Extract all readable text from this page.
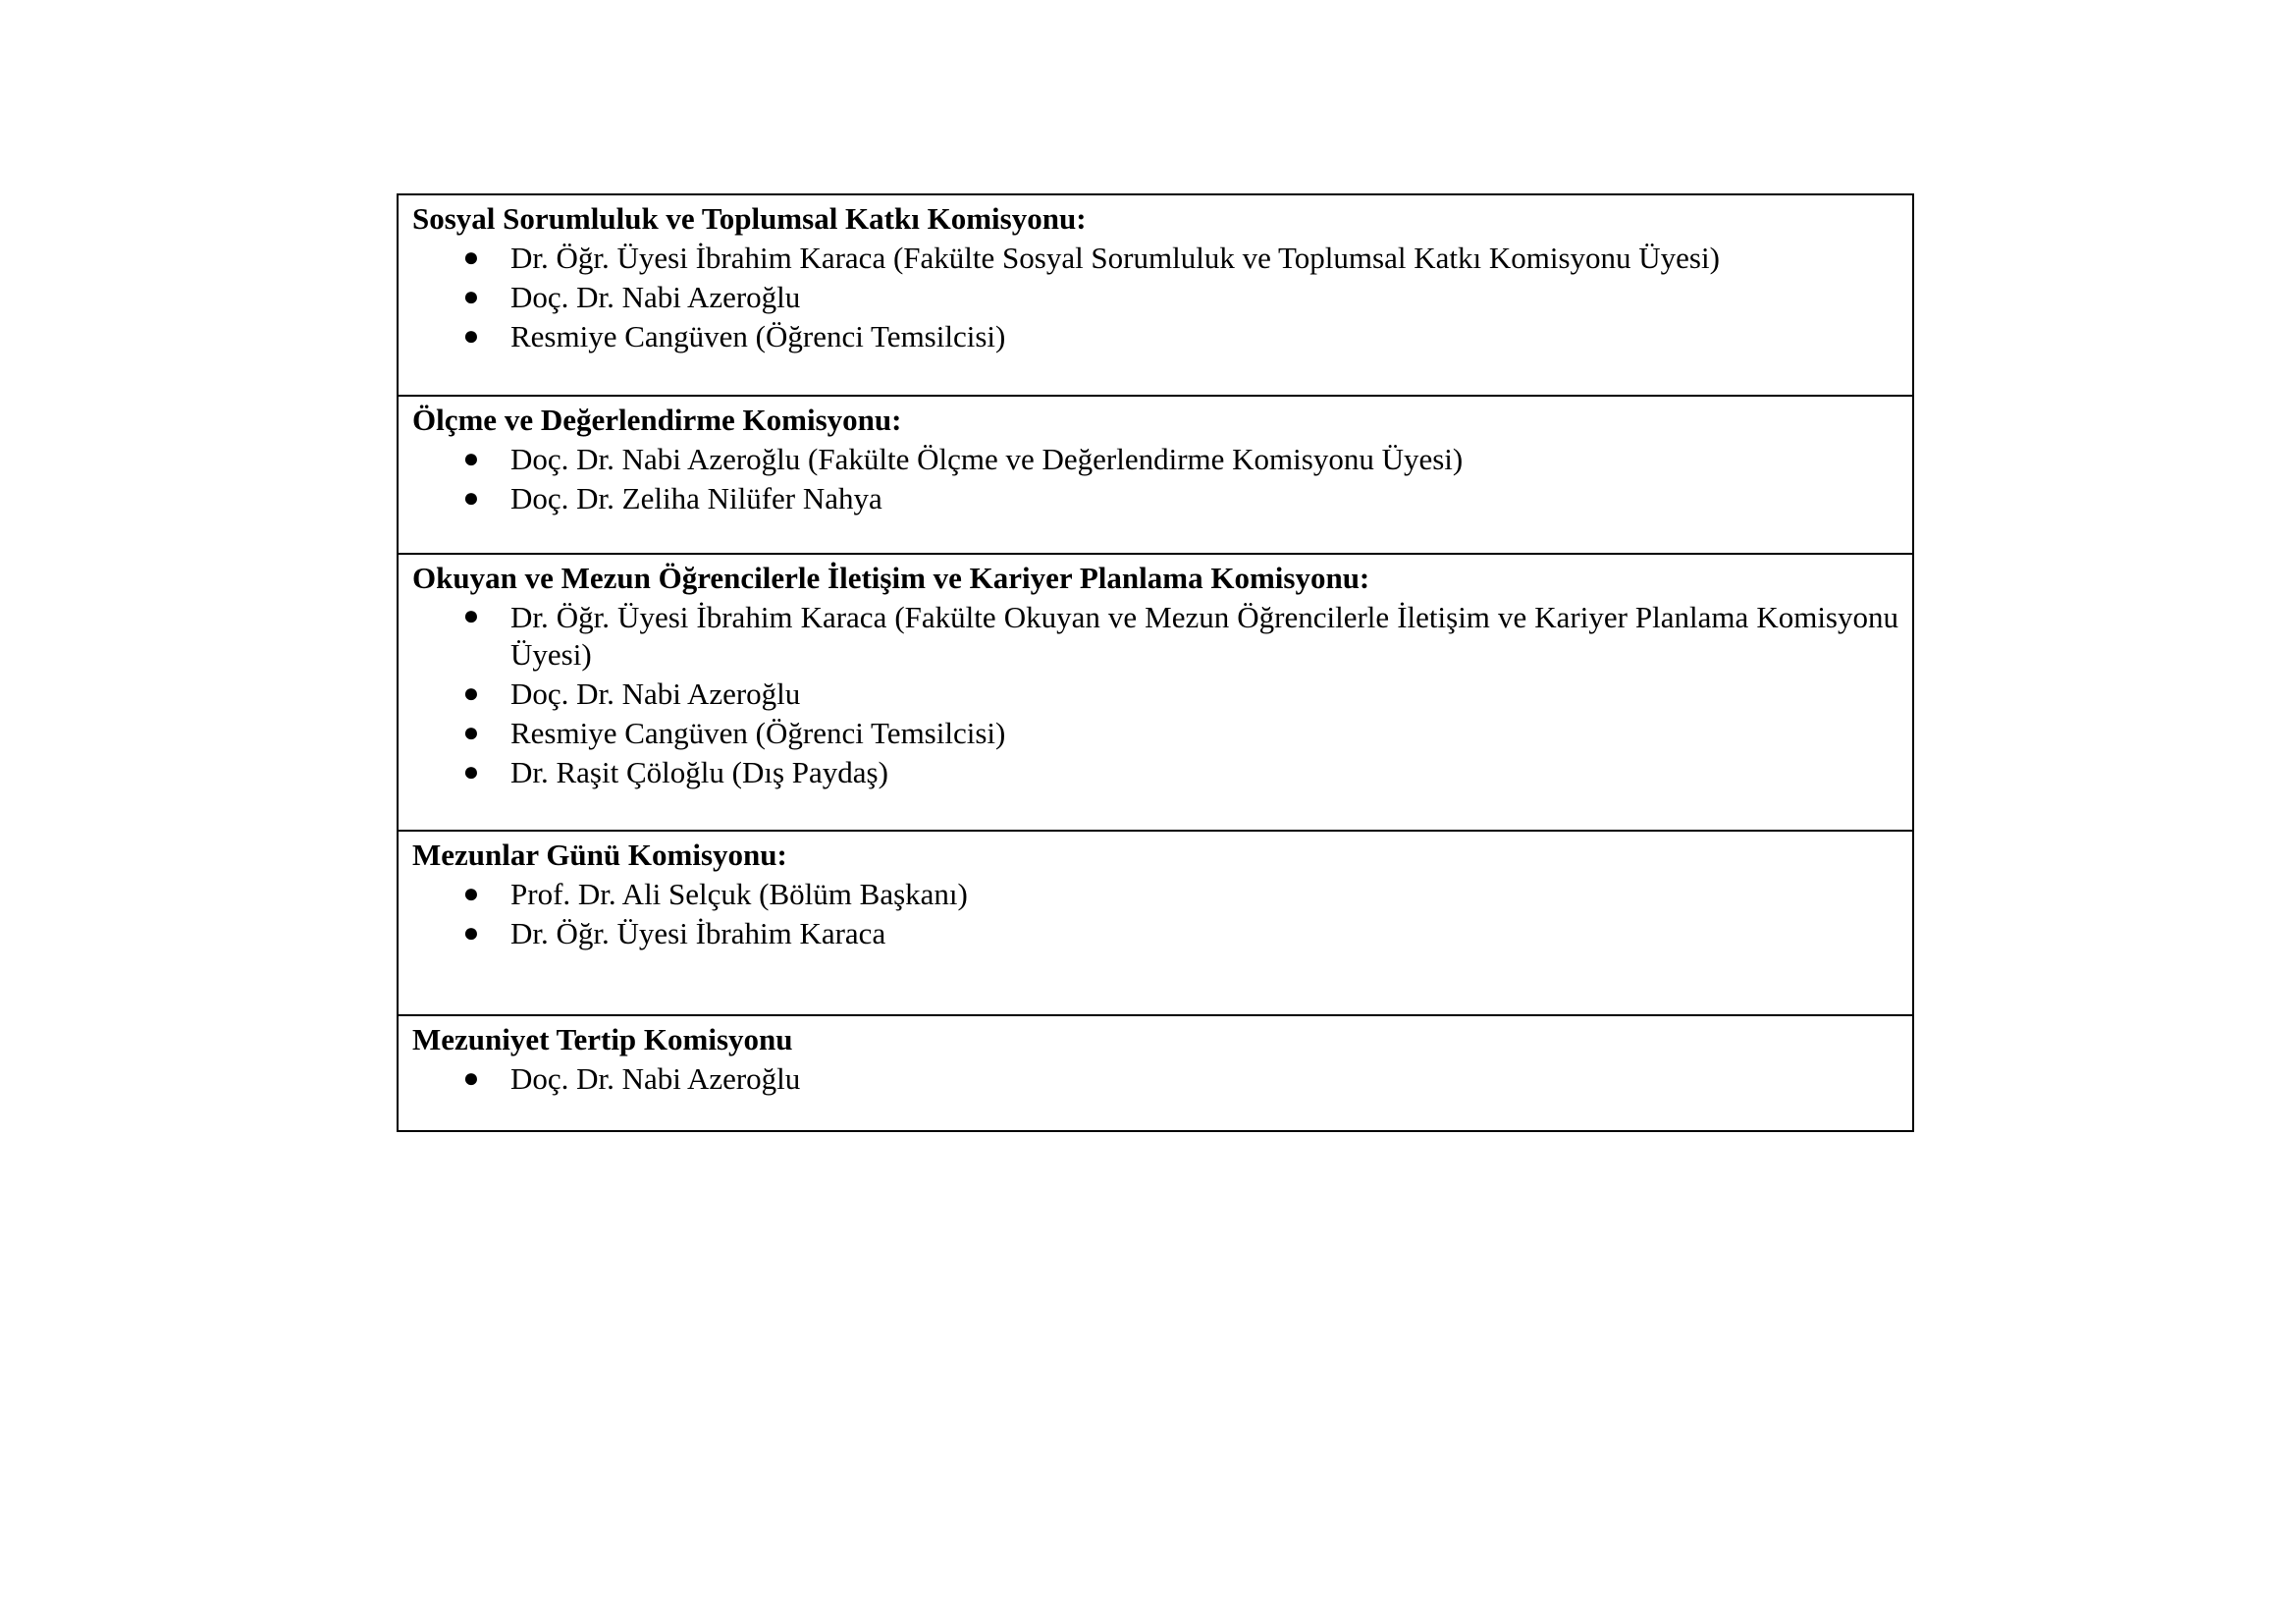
Sosyal Sorumluluk ve Toplumsal Katkı Komisyonu:

● Dr. Öğr. Üyesi İbrahim Karaca (Fakülte Sosyal Sorumluluk ve Toplumsal Katkı Komisyonu Üyesi)
● Doç. Dr. Nabi Azeroğlu
● Resmiye Cangüven (Öğrenci Temsilcisi)

Ölçme ve Değerlendirme Komisyonu:

● Doç. Dr. Nabi Azeroğlu (Fakülte Ölçme ve Değerlendirme Komisyonu Üyesi)
● Doç. Dr. Zeliha Nilüfer Nahya

Okuyan ve Mezun Öğrencilerle İletişim ve Kariyer Planlama Komisyonu:

● Dr. Öğr. Üyesi İbrahim Karaca (Fakülte Okuyan ve Mezun Öğrencilerle İletişim ve Kariyer Planlama Komisyonu Üyesi)
● Doç. Dr. Nabi Azeroğlu
● Resmiye Cangüven (Öğrenci Temsilcisi)
● Dr. Raşit Çöloğlu (Dış Paydaş)

Mezunlar Günü Komisyonu:

● Prof. Dr. Ali Selçuk (Bölüm Başkanı)
● Dr. Öğr. Üyesi İbrahim Karaca

Mezuniyet Tertip Komisyonu

● Doç. Dr. Nabi Azeroğlu
